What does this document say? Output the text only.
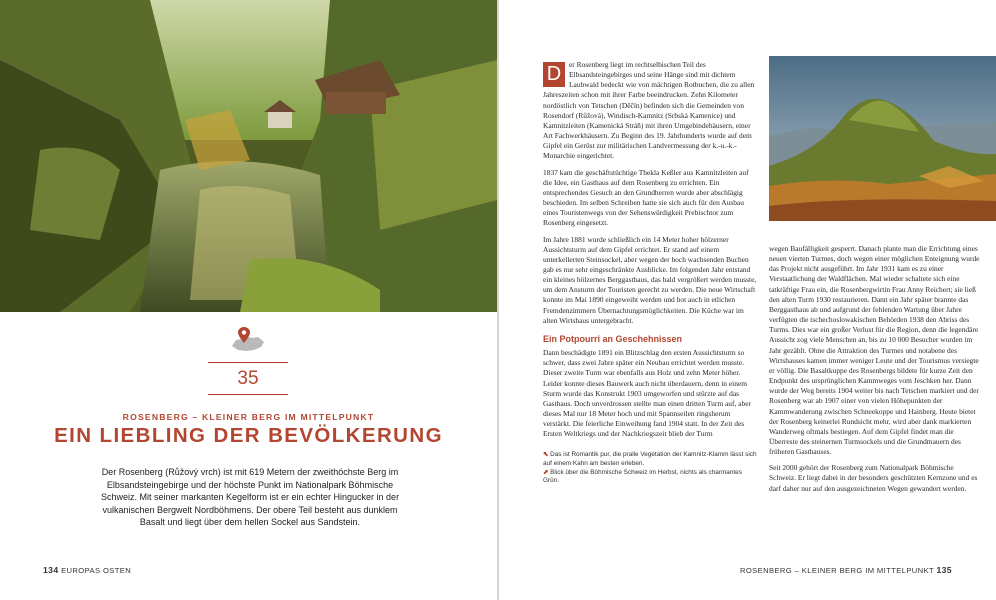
35
ROSENBERG – KLEINER BERG IM MITTELPUNKT
EIN LIEBLING DER BEVÖLKERUNG
Der Rosenberg (Růžový vrch) ist mit 619 Metern der zweithöchste Berg im Elbsandsteingebirge und der höchste Punkt im Nationalpark Böhmische Schweiz. Mit seiner markanten Kegelform ist er ein echter Hingucker in der vulkanischen Bergwelt Nordböhmens. Der obere Teil besteht aus dunklem Basalt und liegt über dem hellen Sockel aus Sandstein.
134 EUROPAS OSTEN

D	er Rosenberg liegt im rechtselbischen Teil des Elbsandsteingebirges und seine Hänge sind mit dichtem Laubwald bedeckt wie von mächtigen Rotbuchen, die zu allen Jahreszeiten schon mit ihrer Farbe beeindrucken. Zehn Kilometer nordöstlich von Tetschen (Děčín) befinden sich die Gemeinden von Rosendorf (Růžová), Windisch-Kamnitz (Srbská Kamenice) und Kamnitzleiten (Kamenická Stráň) mit ihren Umgebindehäusern, einer Art Fachwerkhäusern. Zu Beginn des 19. Jahrhunderts wurde auf dem Gipfel ein Gerüst zur militärischen Landvermessung der k.-u.-k.-Monarchie eingerichtet.

1837 kam die geschäftstüchtige Thekla Keßler aus Kamnitzleiten auf die Idee, ein Gasthaus auf dem Rosenberg zu errichten. Ein entsprechendes Gesuch an den Grundherren wurde aber abschlägig beschieden. Im selben Schreiben hatte sie sich auch für den Ausbau eines Touristenwegs von der Sehenswürdigkeit Prebischtor zum Rosenberg eingesetzt.

Im Jahre 1881 wurde schließlich ein 14 Meter hoher hölzerner Aussichtsturm auf dem Gipfel errichtet. Er stand auf einem unterkellerten Steinsockel, aber wegen der hoch wachsenden Buchen gab es nur sehr eingeschränkte Ausblicke. Im folgenden Jahr entstand ein kleines hölzernes Berggasthaus, das bald vergrößert werden musste, um dem Ansturm der Touristen gerecht zu werden. Die neue Wirtschaft konnte im Mai 1890 eingeweiht werden und bot auch in etlichen Fremdenzimmern Übernachtungsmöglichkeiten. Die Küche war im alten Wirtshaus untergebracht.

Ein Potpourri an Geschehnissen

Dann beschädigte 1891 ein Blitzschlag den ersten Aussichtsturm so schwer, dass zwei Jahre später ein Neubau errichtet werden musste. Dieser zweite Turm war ebenfalls aus Holz und zehn Meter höher. Leider konnte dieses Bauwerk auch nicht überdauern, denn in einem Sturm wurde das Konstrukt 1903 umgeworfen und stürzte auf das Gasthaus. Doch unverdrossen stellte man einen dritten Turm auf, aber dieses Mal nur 18 Meter hoch und mit Spannseilen ringsherum verstärkt. Die feierliche Einweihung fand 1904 statt. In der Zeit des Ersten Weltkriegs und der Nachkriegszeit blieb der Turm

⬉ Das ist Romantik pur, die pralle Vegetation der Kamnitz-Klamm lässt sich auf einem Kahn am besten erleben.
⬈ Blick über die Böhmische Schweiz im Herbst, nichts als charmantes Grün.

wegen Baufälligkeit gesperrt. Danach plante man die Errichtung eines neuen vierten Turmes, doch wegen einer möglichen Enteignung wurde das Projekt nicht ausgeführt. Im Jahr 1931 kam es zu einer Verstaatlichung der Waldflächen. Mal wieder schaltete sich eine tatkräftige Frau ein, die Rosenbergwirtin Frau Anny Reichert; sie ließ den alten Turm 1930 restaurieren. Dann ein Jahr später brannte das Berggasthaus ab und aufgrund der fehlenden Wartung über Jahre verfügten die tschechoslowakischen Behörden 1938 den Abriss des Turms. Dies war ein großer Verlust für die Region, denn die legendäre Aussicht zog viele Menschen an, bis zu 10 000 Besucher wurden im Jahr gezählt. Ohne die Attraktion des Turmes und notabene des Wirtshauses kamen immer weniger Leute und der Tourismus versiegte er völlig. Die Basaltkuppe des Rosenbergs bildete für kurze Zeit den Endpunkt des ursprünglichen Kammweges vom Jeschken her. Dann wurde der Weg bereits 1904 weiter bis nach Tetschen markiert und der Rosenberg war ab 1907 einer von vielen Höhepunkten der Kammwanderung zwischen Schneekoppe und Hainberg. Heute bietet der Rosenberg keinerlei Rundsicht mehr, wird aber dank markierten Wanderweg oftmals bestiegen. Auf dem Gipfel findet man die Überreste des steinernen Turmsockels und die Grundmauern des früheren Gasthauses.

Seit 2000 gehört der Rosenberg zum Nationalpark Böhmische Schweiz. Er liegt dabei in der besonders geschützten Kernzone und es darf daher nur auf den ausgezeichneten Wegen gewandert werden.

ROSENBERG – KLEINER BERG IM MITTELPUNKT 135
